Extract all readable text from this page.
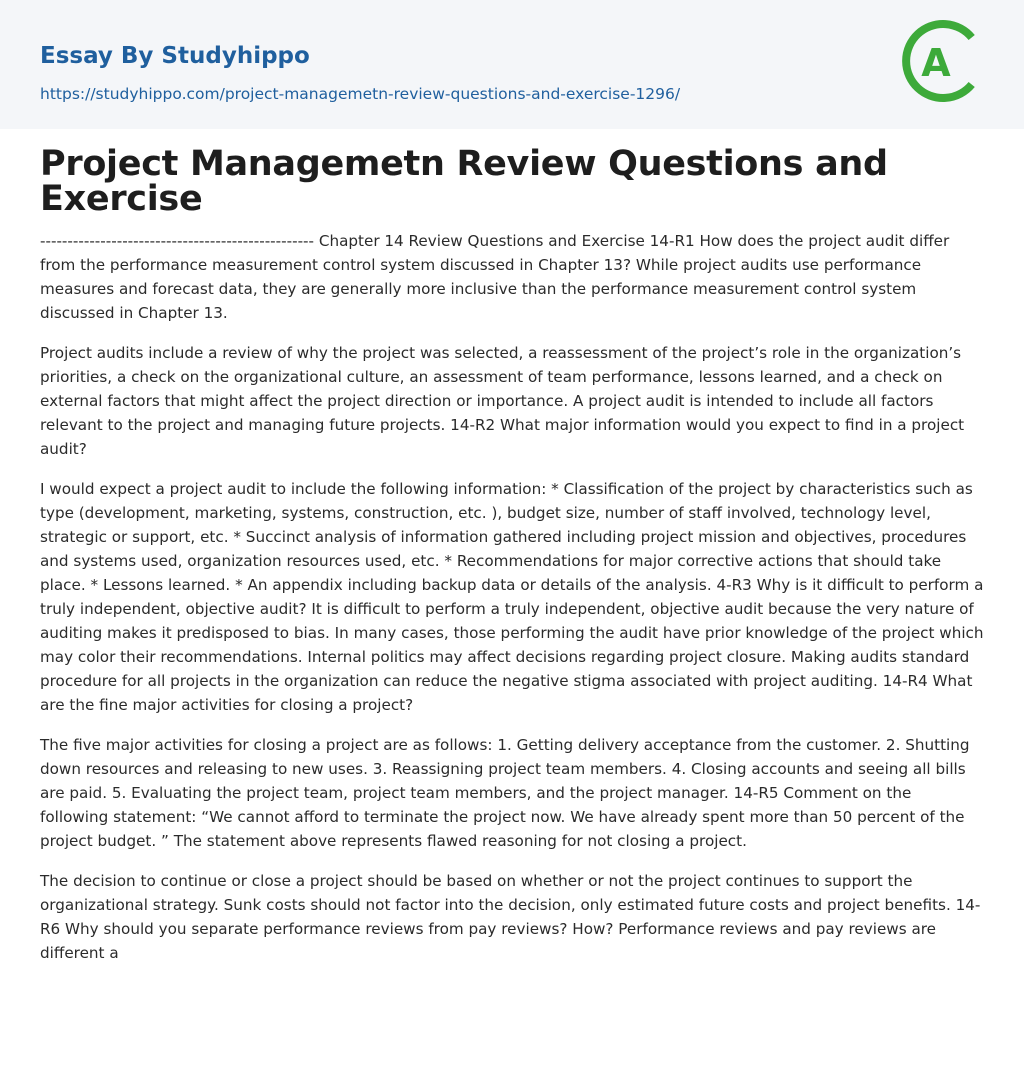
Essay By Studyhippo
https://studyhippo.com/project-managemetn-review-questions-and-exercise-1296/
A
Project Managemetn Review Questions and Exercise

-------------------------------------------------- Chapter 14 Review Questions and Exercise 14-R1 How does the project audit differ from the performance measurement control system discussed in Chapter 13? While project audits use performance measures and forecast data, they are generally more inclusive than the performance measurement control system discussed in Chapter 13.

Project audits include a review of why the project was selected, a reassessment of the project’s role in the organization’s priorities, a check on the organizational culture, an assessment of team performance, lessons learned, and a check on external factors that might affect the project direction or importance. A project audit is intended to include all factors relevant to the project and managing future projects. 14-R2 What major information would you expect to find in a project audit?

I would expect a project audit to include the following information: * Classification of the project by characteristics such as type (development, marketing, systems, construction, etc. ), budget size, number of staff involved, technology level, strategic or support, etc. * Succinct analysis of information gathered including project mission and objectives, procedures and systems used, organization resources used, etc. * Recommendations for major corrective actions that should take place. * Lessons learned. * An appendix including backup data or details of the analysis. 4-R3 Why is it difficult to perform a truly independent, objective audit? It is difficult to perform a truly independent, objective audit because the very nature of auditing makes it predisposed to bias. In many cases, those performing the audit have prior knowledge of the project which may color their recommendations. Internal politics may affect decisions regarding project closure. Making audits standard procedure for all projects in the organization can reduce the negative stigma associated with project auditing. 14-R4 What are the fine major activities for closing a project?

The five major activities for closing a project are as follows: 1. Getting delivery acceptance from the customer. 2. Shutting down resources and releasing to new uses. 3. Reassigning project team members. 4. Closing accounts and seeing all bills are paid. 5. Evaluating the project team, project team members, and the project manager. 14-R5 Comment on the following statement: “We cannot afford to terminate the project now. We have already spent more than 50 percent of the project budget. ” The statement above represents flawed reasoning for not closing a project.

The decision to continue or close a project should be based on whether or not the project continues to support the organizational strategy. Sunk costs should not factor into the decision, only estimated future costs and project benefits. 14-R6 Why should you separate performance reviews from pay reviews? How? Performance reviews and pay reviews are different a
